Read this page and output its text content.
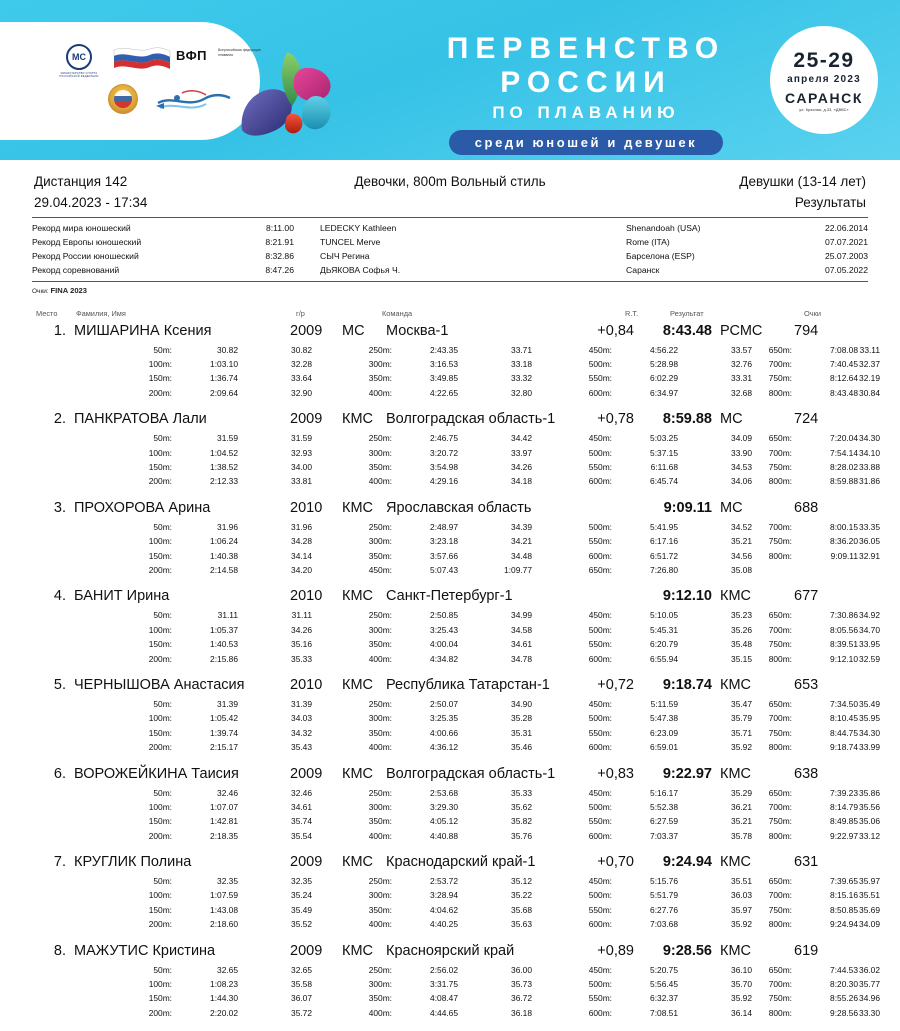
МС
МИНИСТЕРСТВО СПОРТА РОССИЙСКОЙ ФЕДЕРАЦИИ
ВФП	Всероссийская федерация плавания	ПЕРВЕНСТВО
РОССИИ
ПО ПЛАВАНИЮ
среди юношей и девушек
25-29
апреля 2023
САРАНСК
ул. Красная, д.33, «ДВВС»
Дистанция 142
29.04.2023 - 17:34
Девочки, 800m Вольный стиль	Девушки (13-14 лет)
Результаты
Рекорд мира юношеский	8:11.00	LEDECKY Kathleen	Shenandoah (USA)	22.06.2014
Рекорд Европы юношеский	8:21.91	TUNCEL Merve	Rome (ITA)	07.07.2021
Рекорд России юношеский	8:32.86	СЫЧ Регина	Барселона (ESP)	25.07.2003
Рекорд соревнований	8:47.26	ДЬЯКОВА Софья Ч.	Саранск	07.05.2022
Очки: FINA 2023
Место	Фамилия, Имя	г/р	Команда	R.T.	Результат	Очки
1. МИШАРИНА Ксения	2009 МС Москва-1	+0,84	8:43.48 РСМС 794
50m:	30.82	30.82	250m:	2:43.35	33.71	450m:	4:56.22	33.57	650m:	7:08.08 33.11
100m:	1:03.10	32.28	300m:	3:16.53	33.18	500m:	5:28.98	32.76	700m:	7:40.45 32.37
150m:	1:36.74	33.64	350m:	3:49.85	33.32	550m:	6:02.29	33.31	750m:	8:12.64 32.19
200m:	2:09.64	32.90	400m:	4:22.65	32.80	600m:	6:34.97	32.68	800m:	8:43.48 30.84
2. ПАНКРАТОВА Лали	2009 КМС Волгоградская область-1	+0,78	8:59.88 МС	724
50m:	31.59	31.59	250m:	2:46.75	34.42	450m:	5:03.25	34.09	650m:	7:20.04 34.30
100m:	1:04.52	32.93	300m:	3:20.72	33.97	500m:	5:37.15	33.90	700m:	7:54.14 34.10
150m:	1:38.52	34.00	350m:	3:54.98	34.26	550m:	6:11.68	34.53	750m:	8:28.02 33.88
200m:	2:12.33	33.81	400m:	4:29.16	34.18	600m:	6:45.74	34.06	800m:	8:59.88 31.86
3. ПРОХОРОВА Арина	2010 КМС Ярославская область	9:09.11 МС	688
50m:	31.96	31.96	250m:	2:48.97	34.39	500m:	5:41.95	34.52	700m:	8:00.15 33.35
100m:	1:06.24	34.28	300m:	3:23.18	34.21	550m:	6:17.16	35.21	750m:	8:36.20 36.05
150m:	1:40.38	34.14	350m:	3:57.66	34.48	600m:	6:51.72	34.56	800m:	9:09.11 32.91
200m:	2:14.58	34.20	450m:	5:07.43	1:09.77	650m:	7:26.80	35.08
4. БАНИТ Ирина	2010 КМС Санкт-Петербург-1	9:12.10 КМС	677
50m:	31.11	31.11	250m:	2:50.85	34.99	450m:	5:10.05	35.23	650m:	7:30.86 34.92
100m:	1:05.37	34.26	300m:	3:25.43	34.58	500m:	5:45.31	35.26	700m:	8:05.56 34.70
150m:	1:40.53	35.16	350m:	4:00.04	34.61	550m:	6:20.79	35.48	750m:	8:39.51 33.95
200m:	2:15.86	35.33	400m:	4:34.82	34.78	600m:	6:55.94	35.15	800m:	9:12.10 32.59
5. ЧЕРНЫШОВА Анастасия	2010 КМС Республика Татарстан-1	+0,72	9:18.74 КМС	653
50m:	31.39	31.39	250m:	2:50.07	34.90	450m:	5:11.59	35.47	650m:	7:34.50 35.49
100m:	1:05.42	34.03	300m:	3:25.35	35.28	500m:	5:47.38	35.79	700m:	8:10.45 35.95
150m:	1:39.74	34.32	350m:	4:00.66	35.31	550m:	6:23.09	35.71	750m:	8:44.75 34.30
200m:	2:15.17	35.43	400m:	4:36.12	35.46	600m:	6:59.01	35.92	800m:	9:18.74 33.99
6. ВОРОЖЕЙКИНА Таисия	2009 КМС Волгоградская область-1	+0,83	9:22.97 КМС	638
50m:	32.46	32.46	250m:	2:53.68	35.33	450m:	5:16.17	35.29	650m:	7:39.23 35.86
100m:	1:07.07	34.61	300m:	3:29.30	35.62	500m:	5:52.38	36.21	700m:	8:14.79 35.56
150m:	1:42.81	35.74	350m:	4:05.12	35.82	550m:	6:27.59	35.21	750m:	8:49.85 35.06
200m:	2:18.35	35.54	400m:	4:40.88	35.76	600m:	7:03.37	35.78	800m:	9:22.97 33.12
7. КРУГЛИК Полина	2009 КМС Краснодарский край-1	+0,70	9:24.94 КМС	631
50m:	32.35	32.35	250m:	2:53.72	35.12	450m:	5:15.76	35.51	650m:	7:39.65 35.97
100m:	1:07.59	35.24	300m:	3:28.94	35.22	500m:	5:51.79	36.03	700m:	8:15.16 35.51
150m:	1:43.08	35.49	350m:	4:04.62	35.68	550m:	6:27.76	35.97	750m:	8:50.85 35.69
200m:	2:18.60	35.52	400m:	4:40.25	35.63	600m:	7:03.68	35.92	800m:	9:24.94 34.09
8. МАЖУТИС Кристина	2009 КМС Красноярский край	+0,89	9:28.56 КМС	619
50m:	32.65	32.65	250m:	2:56.02	36.00	450m:	5:20.75	36.10	650m:	7:44.53 36.02
100m:	1:08.23	35.58	300m:	3:31.75	35.73	500m:	5:56.45	35.70	700m:	8:20.30 35.77
150m:	1:44.30	36.07	350m:	4:08.47	36.72	550m:	6:32.37	35.92	750m:	8:55.26 34.96
200m:	2:20.02	35.72	400m:	4:44.65	36.18	600m:	7:08.51	36.14	800m:	9:28.56 33.30
